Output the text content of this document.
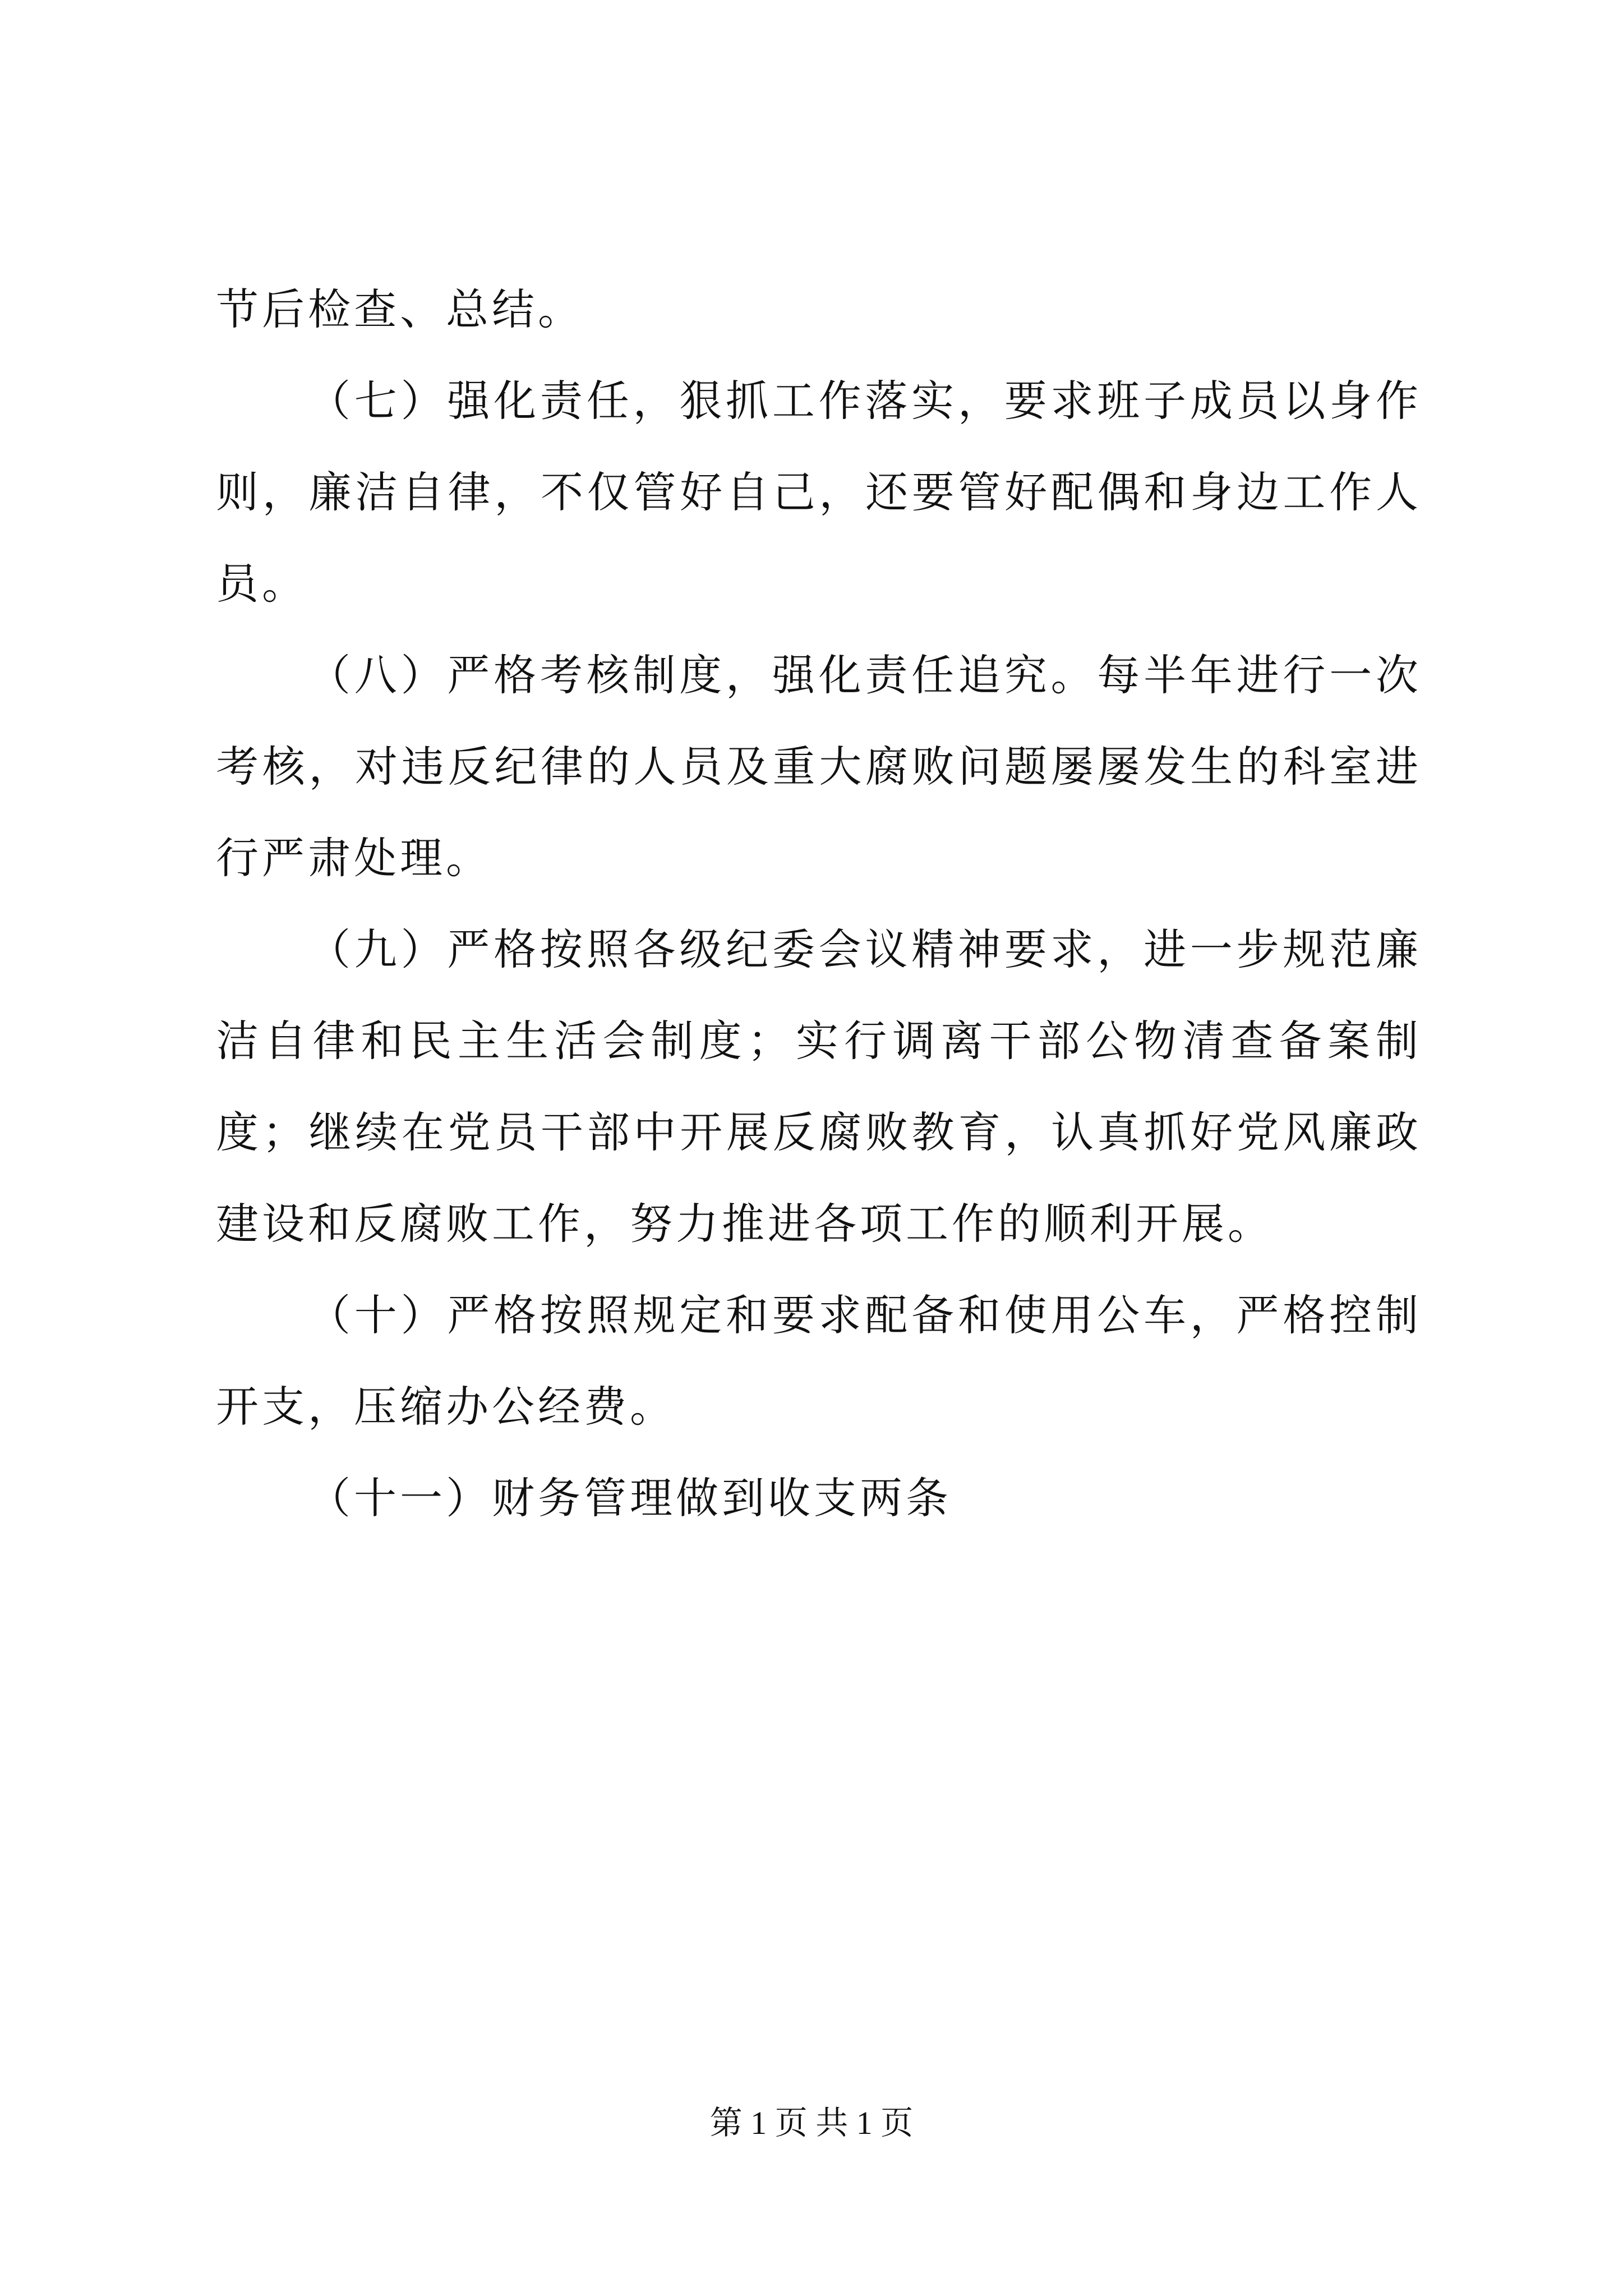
节后检查、总结。

（七）强化责任，狠抓工作落实，要求班子成员以身作则，廉洁自律，不仅管好自己，还要管好配偶和身边工作人员。

（八）严格考核制度，强化责任追究。每半年进行一次考核，对违反纪律的人员及重大腐败问题屡屡发生的科室进行严肃处理。

（九）严格按照各级纪委会议精神要求，进一步规范廉洁自律和民主生活会制度；实行调离干部公物清查备案制度；继续在党员干部中开展反腐败教育，认真抓好党风廉政建设和反腐败工作，努力推进各项工作的顺利开展。

（十）严格按照规定和要求配备和使用公车，严格控制开支，压缩办公经费。

（十一）财务管理做到收支两条

第 1 页 共 1 页
